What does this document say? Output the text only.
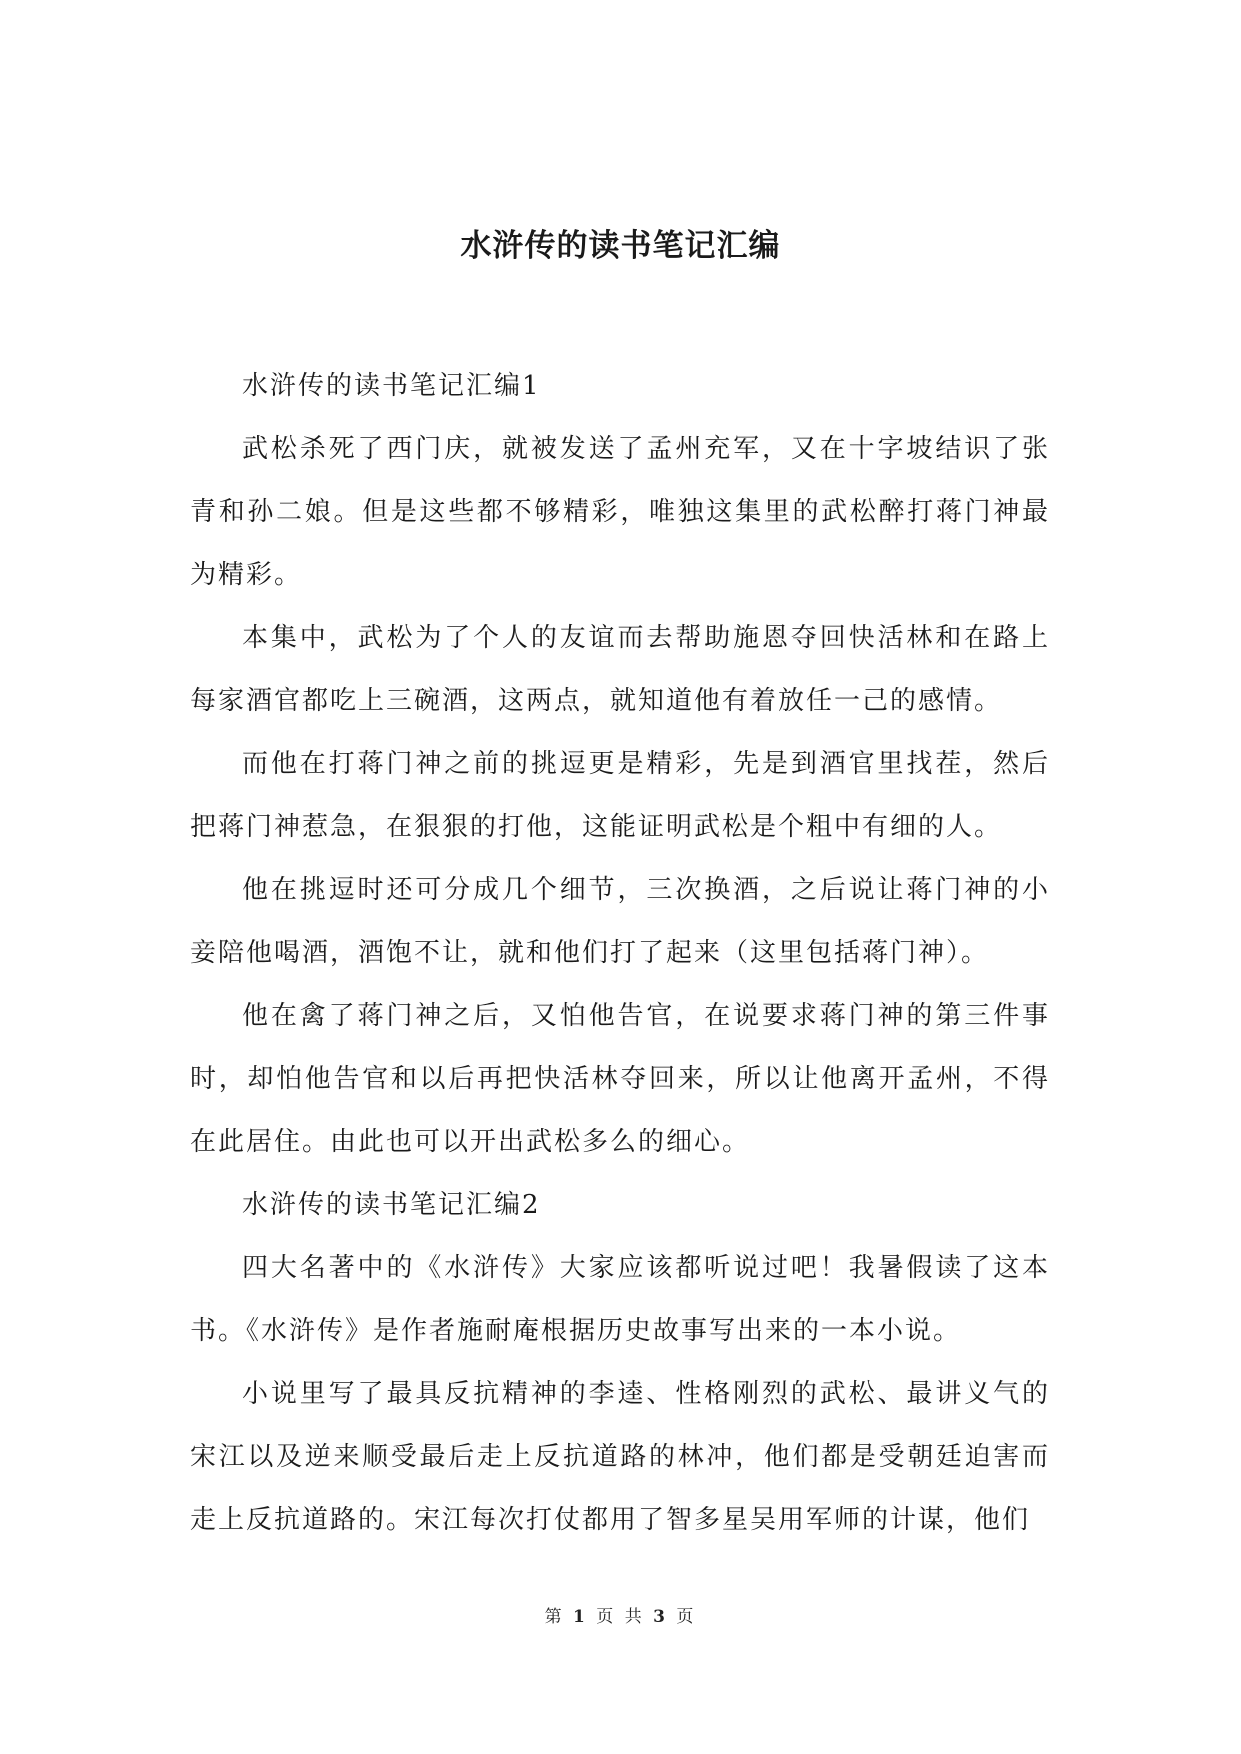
水浒传的读书笔记汇编

水浒传的读书笔记汇编1

武松杀死了西门庆，就被发送了孟州充军，又在十字坡结识了张青和孙二娘。但是这些都不够精彩，唯独这集里的武松醉打蒋门神最为精彩。

本集中，武松为了个人的友谊而去帮助施恩夺回快活林和在路上每家酒官都吃上三碗酒，这两点，就知道他有着放任一己的感情。

而他在打蒋门神之前的挑逗更是精彩，先是到酒官里找茬，然后把蒋门神惹急，在狠狠的打他，这能证明武松是个粗中有细的人。

他在挑逗时还可分成几个细节，三次换酒，之后说让蒋门神的小妾陪他喝酒，酒饱不让，就和他们打了起来（这里包括蒋门神）。

他在禽了蒋门神之后，又怕他告官，在说要求蒋门神的第三件事时，却怕他告官和以后再把快活林夺回来，所以让他离开孟州，不得在此居住。由此也可以开出武松多么的细心。

水浒传的读书笔记汇编2

四大名著中的《水浒传》大家应该都听说过吧！我暑假读了这本书。《水浒传》是作者施耐庵根据历史故事写出来的一本小说。

小说里写了最具反抗精神的李逵、性格刚烈的武松、最讲义气的宋江以及逆来顺受最后走上反抗道路的林冲，他们都是受朝廷迫害而走上反抗道路的。宋江每次打仗都用了智多星吴用军师的计谋，他们

第 1 页 共 3 页
